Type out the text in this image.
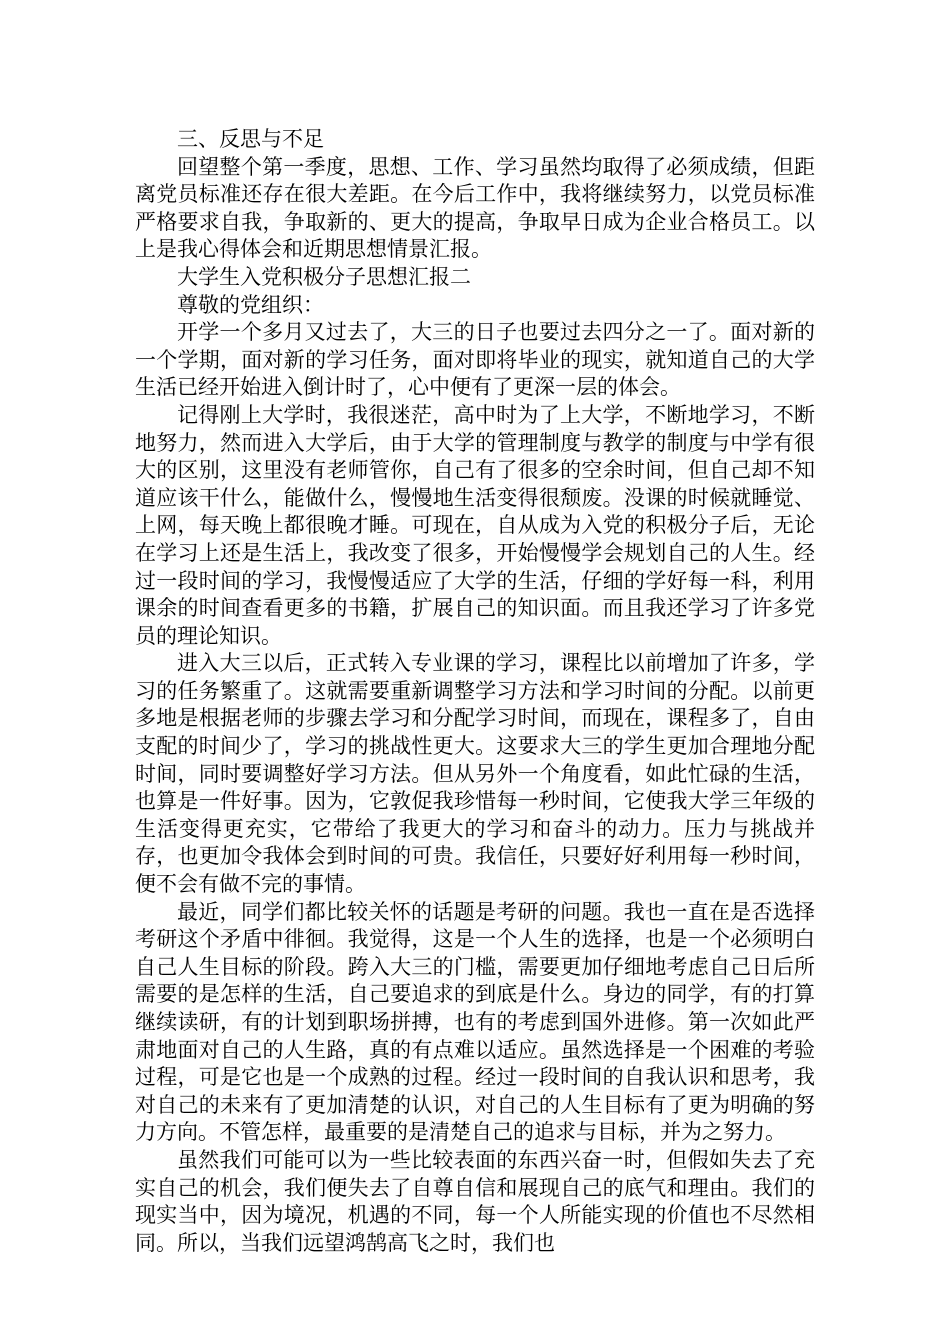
三、反思与不足

回望整个第一季度，思想、工作、学习虽然均取得了必须成绩，但距离党员标准还存在很大差距。在今后工作中，我将继续努力，以党员标准严格要求自我，争取新的、更大的提高，争取早日成为企业合格员工。以上是我心得体会和近期思想情景汇报。

大学生入党积极分子思想汇报二

尊敬的党组织：

开学一个多月又过去了，大三的日子也要过去四分之一了。面对新的一个学期，面对新的学习任务，面对即将毕业的现实，就知道自己的大学生活已经开始进入倒计时了，心中便有了更深一层的体会。

记得刚上大学时，我很迷茫，高中时为了上大学，不断地学习，不断地努力，然而进入大学后，由于大学的管理制度与教学的制度与中学有很大的区别，这里没有老师管你，自己有了很多的空余时间，但自己却不知道应该干什么，能做什么，慢慢地生活变得很颓废。没课的时候就睡觉、上网，每天晚上都很晚才睡。可现在，自从成为入党的积极分子后，无论在学习上还是生活上，我改变了很多，开始慢慢学会规划自己的人生。经过一段时间的学习，我慢慢适应了大学的生活，仔细的学好每一科，利用课余的时间查看更多的书籍，扩展自己的知识面。而且我还学习了许多党员的理论知识。

进入大三以后，正式转入专业课的学习，课程比以前增加了许多，学习的任务繁重了。这就需要重新调整学习方法和学习时间的分配。以前更多地是根据老师的步骤去学习和分配学习时间，而现在，课程多了，自由支配的时间少了，学习的挑战性更大。这要求大三的学生更加合理地分配时间，同时要调整好学习方法。但从另外一个角度看，如此忙碌的生活，也算是一件好事。因为，它敦促我珍惜每一秒时间，它使我大学三年级的生活变得更充实，它带给了我更大的学习和奋斗的动力。压力与挑战并存，也更加令我体会到时间的可贵。我信任，只要好好利用每一秒时间，便不会有做不完的事情。

最近，同学们都比较关怀的话题是考研的问题。我也一直在是否选择考研这个矛盾中徘徊。我觉得，这是一个人生的选择，也是一个必须明白自己人生目标的阶段。跨入大三的门槛，需要更加仔细地考虑自己日后所需要的是怎样的生活，自己要追求的到底是什么。身边的同学，有的打算继续读研，有的计划到职场拼搏，也有的考虑到国外进修。第一次如此严肃地面对自己的人生路，真的有点难以适应。虽然选择是一个困难的考验过程，可是它也是一个成熟的过程。经过一段时间的自我认识和思考，我对自己的未来有了更加清楚的认识，对自己的人生目标有了更为明确的努力方向。不管怎样，最重要的是清楚自己的追求与目标，并为之努力。

虽然我们可能可以为一些比较表面的东西兴奋一时，但假如失去了充实自己的机会，我们便失去了自尊自信和展现自己的底气和理由。我们的现实当中，因为境况，机遇的不同，每一个人所能实现的价值也不尽然相同。所以，当我们远望鸿鹄高飞之时，我们也
